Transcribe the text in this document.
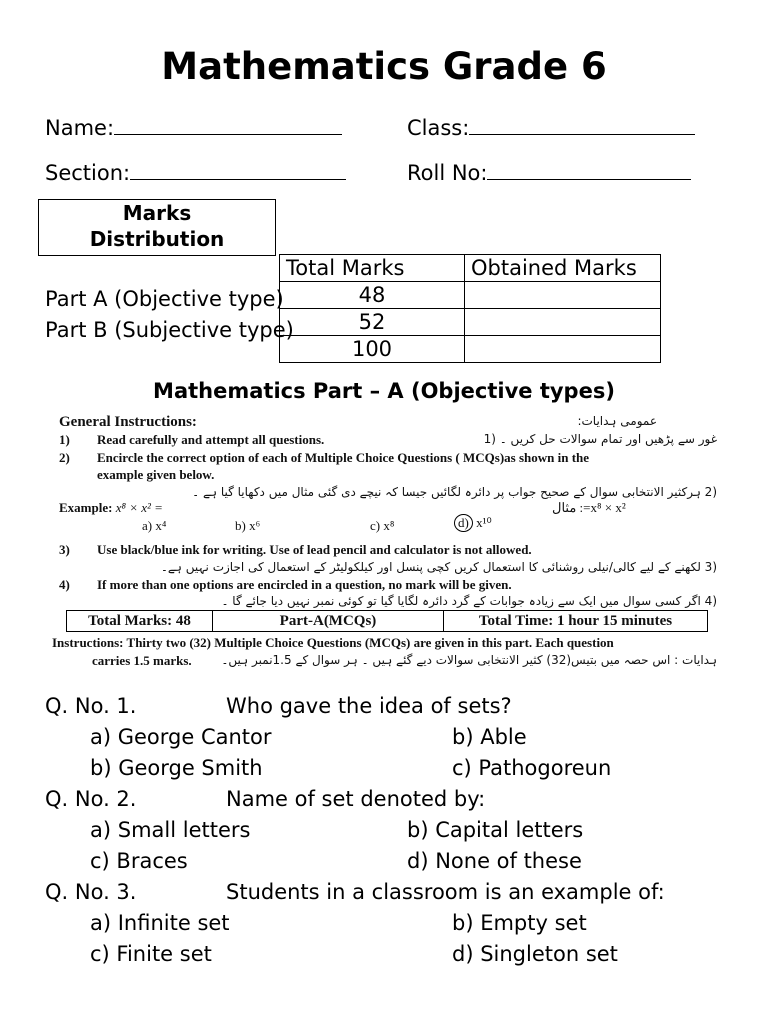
Mathematics Grade 6
Name:	Class:
Section:	Roll No:
Marks
Distribution
Total Marks	Obtained Marks
48	
52	
100	
Part A (Objective type)
Part B (Subjective type)
Mathematics Part – A (Objective types)
General Instructions:	عمومی ہدایات:
1) Read carefully and attempt all questions.	غور سے پڑھیں اور تمام سوالات حل کریں ۔ (1
2) Encircle the correct option of each of Multiple Choice Questions ( MCQs)as shown in the
example given below.
(2 ہرکثیر الانتخابی سوال کے صحیح جواب پر دائرہ لگائیں جیسا کہ نیچے دی گئی مثال میں دکھایا گیا ہے ۔
Example: x⁸ × x² =	مثال :=x⁸ × x²
a) x⁴	b) x⁶	c) x⁸	d) x¹⁰
3) Use black/blue ink for writing. Use of lead pencil and calculator is not allowed.
(3 لکھنے کے لیے کالی/نیلی روشنائی کا استعمال کریں کچی پنسل اور کیلکولیٹر کے استعمال کی اجازت نہیں ہے۔
4) If more than one options are encircled in a question, no mark will be given.
(4 اگر کسی سوال میں ایک سے زیادہ جوابات کے گرد دائرہ لگایا گیا تو کوئی نمبر نہیں دیا جائے گا ۔
Total Marks: 48	Part-A(MCQs)	Total Time: 1 hour 15 minutes
Instructions: Thirty two (32) Multiple Choice Questions (MCQs) are given in this part. Each question
carries 1.5 marks. ہدایات : اس حصہ میں بتیس(32) کثیر الانتخابی سوالات دیے گئے ہیں ۔ ہر سوال کے 1.5نمبر ہیں۔
Q. No. 1.	Who gave the idea of sets?
a) George Cantor	b) Able
b) George Smith	c) Pathogoreun
Q. No. 2.	Name of set denoted by:
a) Small letters	b) Capital letters
c) Braces	d) None of these
Q. No. 3.	Students in a classroom is an example of:
a) Infinite set	b) Empty set
c) Finite set	d) Singleton set
